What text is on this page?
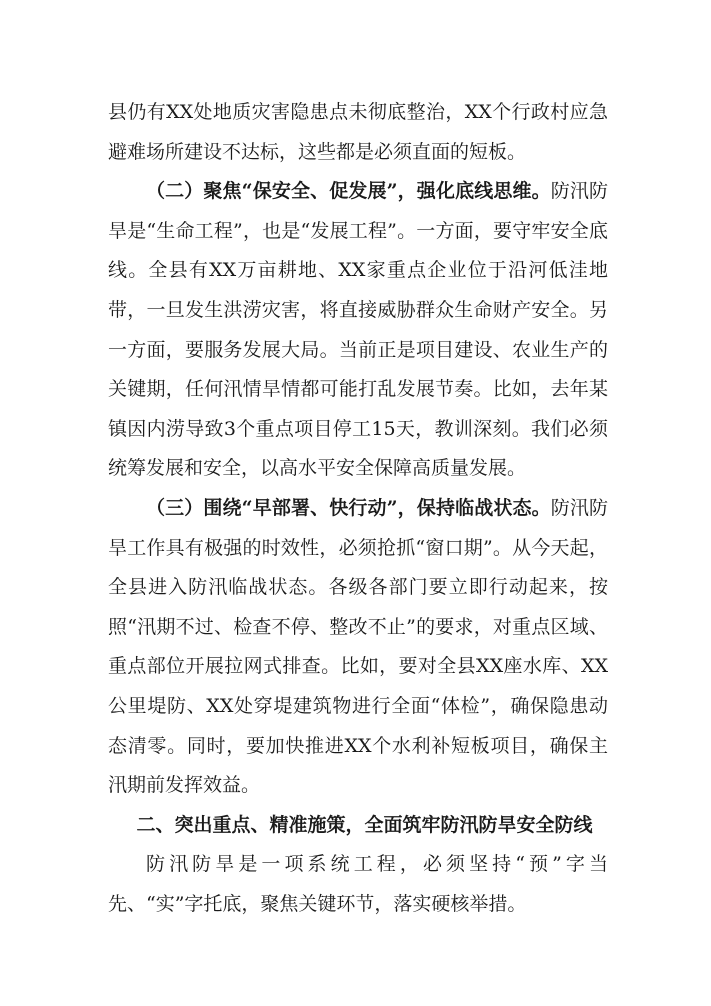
县仍有XX处地质灾害隐患点未彻底整治，XX个行政村应急避难场所建设不达标，这些都是必须直面的短板。

（二）聚焦“保安全、促发展”，强化底线思维。防汛防旱是“生命工程”，也是“发展工程”。一方面，要守牢安全底线。全县有XX万亩耕地、XX家重点企业位于沿河低洼地带，一旦发生洪涝灾害，将直接威胁群众生命财产安全。另一方面，要服务发展大局。当前正是项目建设、农业生产的关键期，任何汛情旱情都可能打乱发展节奏。比如，去年某镇因内涝导致3个重点项目停工15天，教训深刻。我们必须统筹发展和安全，以高水平安全保障高质量发展。

（三）围绕“早部署、快行动”，保持临战状态。防汛防旱工作具有极强的时效性，必须抢抓“窗口期”。从今天起，全县进入防汛临战状态。各级各部门要立即行动起来，按照“汛期不过、检查不停、整改不止”的要求，对重点区域、重点部位开展拉网式排查。比如，要对全县XX座水库、XX公里堤防、XX处穿堤建筑物进行全面“体检”，确保隐患动态清零。同时，要加快推进XX个水利补短板项目，确保主汛期前发挥效益。

二、突出重点、精准施策，全面筑牢防汛防旱安全防线

防汛防旱是一项系统工程，必须坚持“预”字当先、“实”字托底，聚焦关键环节，落实硬核举措。
